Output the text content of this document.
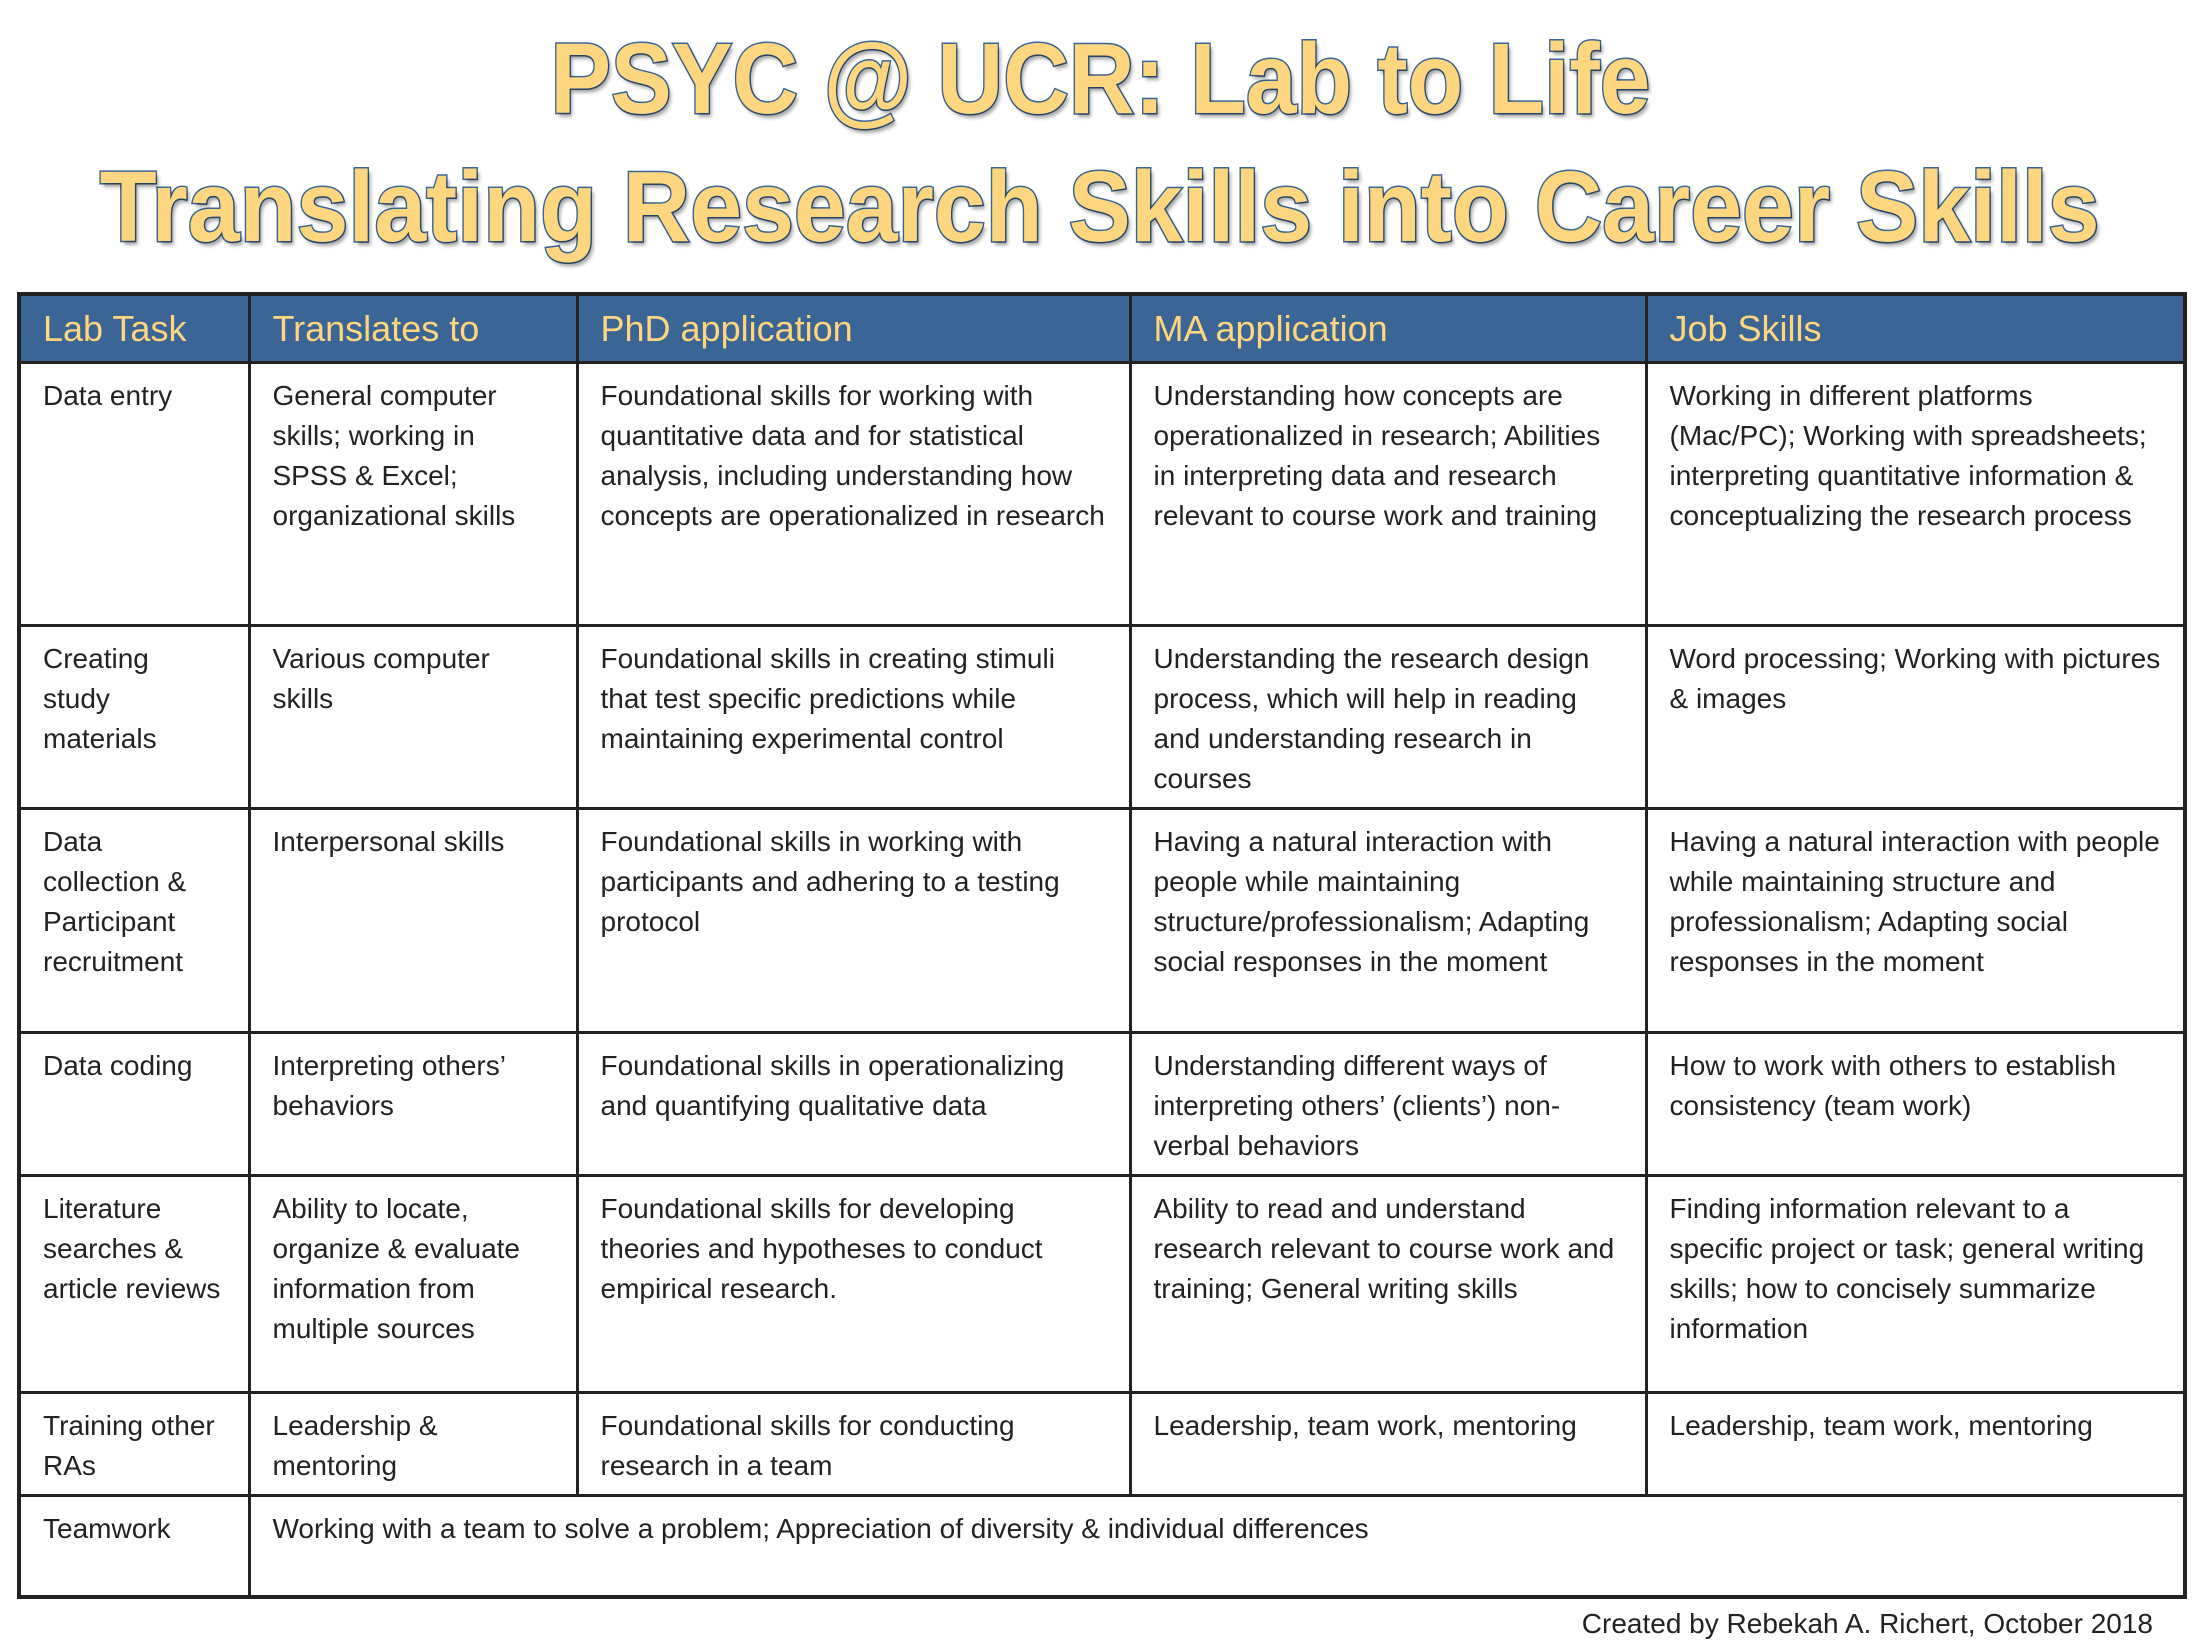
PSYC @ UCR: Lab to Life
Translating Research Skills into Career Skills
Lab Task	Translates to	PhD application	MA application	Job Skills
Data entry	General computer skills; working in SPSS & Excel; organizational skills	Foundational skills for working with quantitative data and for statistical analysis, including understanding how concepts are operationalized in research	Understanding how concepts are operationalized in research; Abilities in interpreting data and research relevant to course work and training	Working in different platforms (Mac/PC); Working with spreadsheets; interpreting quantitative information & conceptualizing the research process
Creating study materials	Various computer skills	Foundational skills in creating stimuli that test specific predictions while maintaining experimental control	Understanding the research design process, which will help in reading and understanding research in courses	Word processing; Working with pictures & images
Data collection & Participant recruitment	Interpersonal skills	Foundational skills in working with participants and adhering to a testing protocol	Having a natural interaction with people while maintaining structure/professionalism; Adapting social responses in the moment	Having a natural interaction with people while maintaining structure and professionalism; Adapting social responses in the moment
Data coding	Interpreting others’ behaviors	Foundational skills in operationalizing and quantifying qualitative data	Understanding different ways of interpreting others’ (clients’) non-verbal behaviors	How to work with others to establish consistency (team work)
Literature searches & article reviews	Ability to locate, organize & evaluate information from multiple sources	Foundational skills for developing theories and hypotheses to conduct empirical research.	Ability to read and understand research relevant to course work and training; General writing skills	Finding information relevant to a specific project or task; general writing skills; how to concisely summarize information
Training other RAs	Leadership & mentoring	Foundational skills for conducting research in a team	Leadership, team work, mentoring	Leadership, team work, mentoring
Teamwork	Working with a team to solve a problem; Appreciation of diversity & individual differences			
Created by Rebekah A. Richert, October 2018
